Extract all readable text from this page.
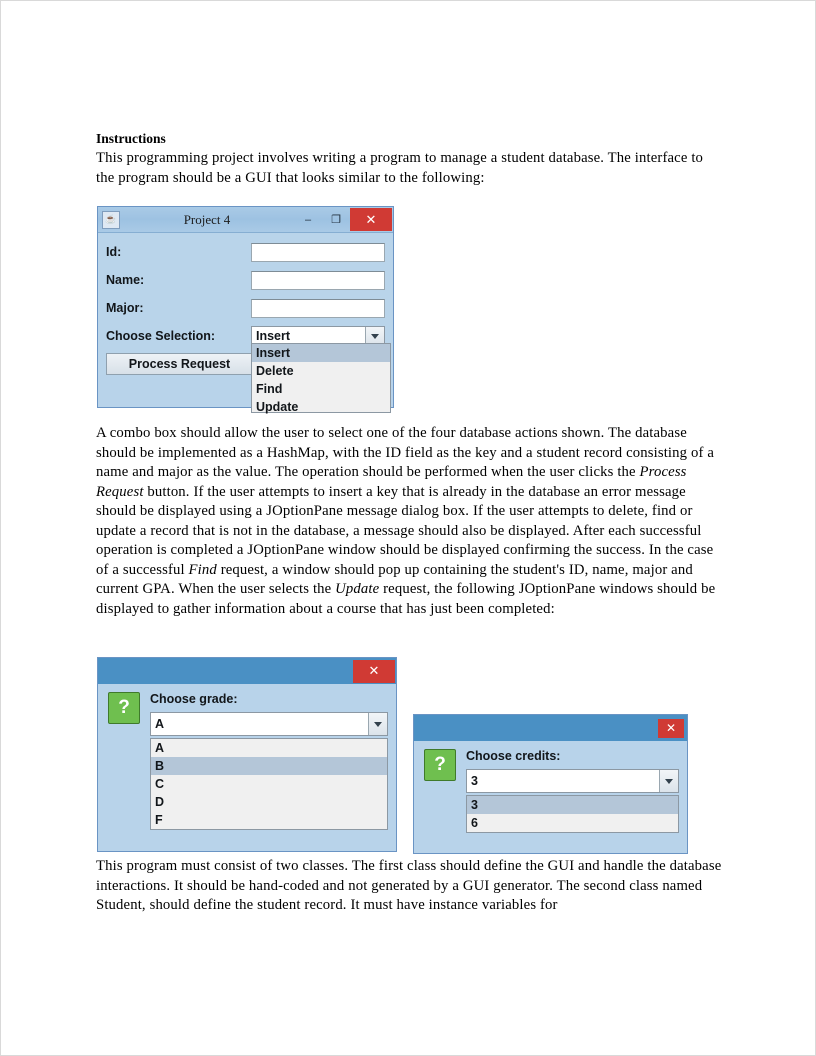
Instructions

This programming project involves writing a program to manage a student database. The interface to the program should be a GUI that looks similar to the following:

A combo box should allow the user to select one of the four database actions shown. The database should be implemented as a HashMap, with the ID field as the key and a student record consisting of a name and major as the value. The operation should be performed when the user clicks the Process Request button. If the user attempts to insert a key that is already in the database an error message should be displayed using a JOptionPane message dialog box. If the user attempts to delete, find or update a record that is not in the database, a message should also be displayed. After each successful operation is completed a JOptionPane window should be displayed confirming the success. In the case of a successful Find request, a window should pop up containing the student's ID, name, major and current GPA. When the user selects the Update request, the following JOptionPane windows should be displayed to gather information about a course that has just been completed:

This program must consist of two classes. The first class should define the GUI and handle the database interactions. It should be hand-coded and not generated by a GUI generator. The second class named Student, should define the student record. It must have instance variables for

☕	Project 4	–	❐	✕
Id:
Name:
Major:
Choose Selection:	Insert
Process Request
Insert
Delete
Find
Update
✕
?	Choose grade:
A
A
B
C
D
F
✕
?	Choose credits:
3
3
6
